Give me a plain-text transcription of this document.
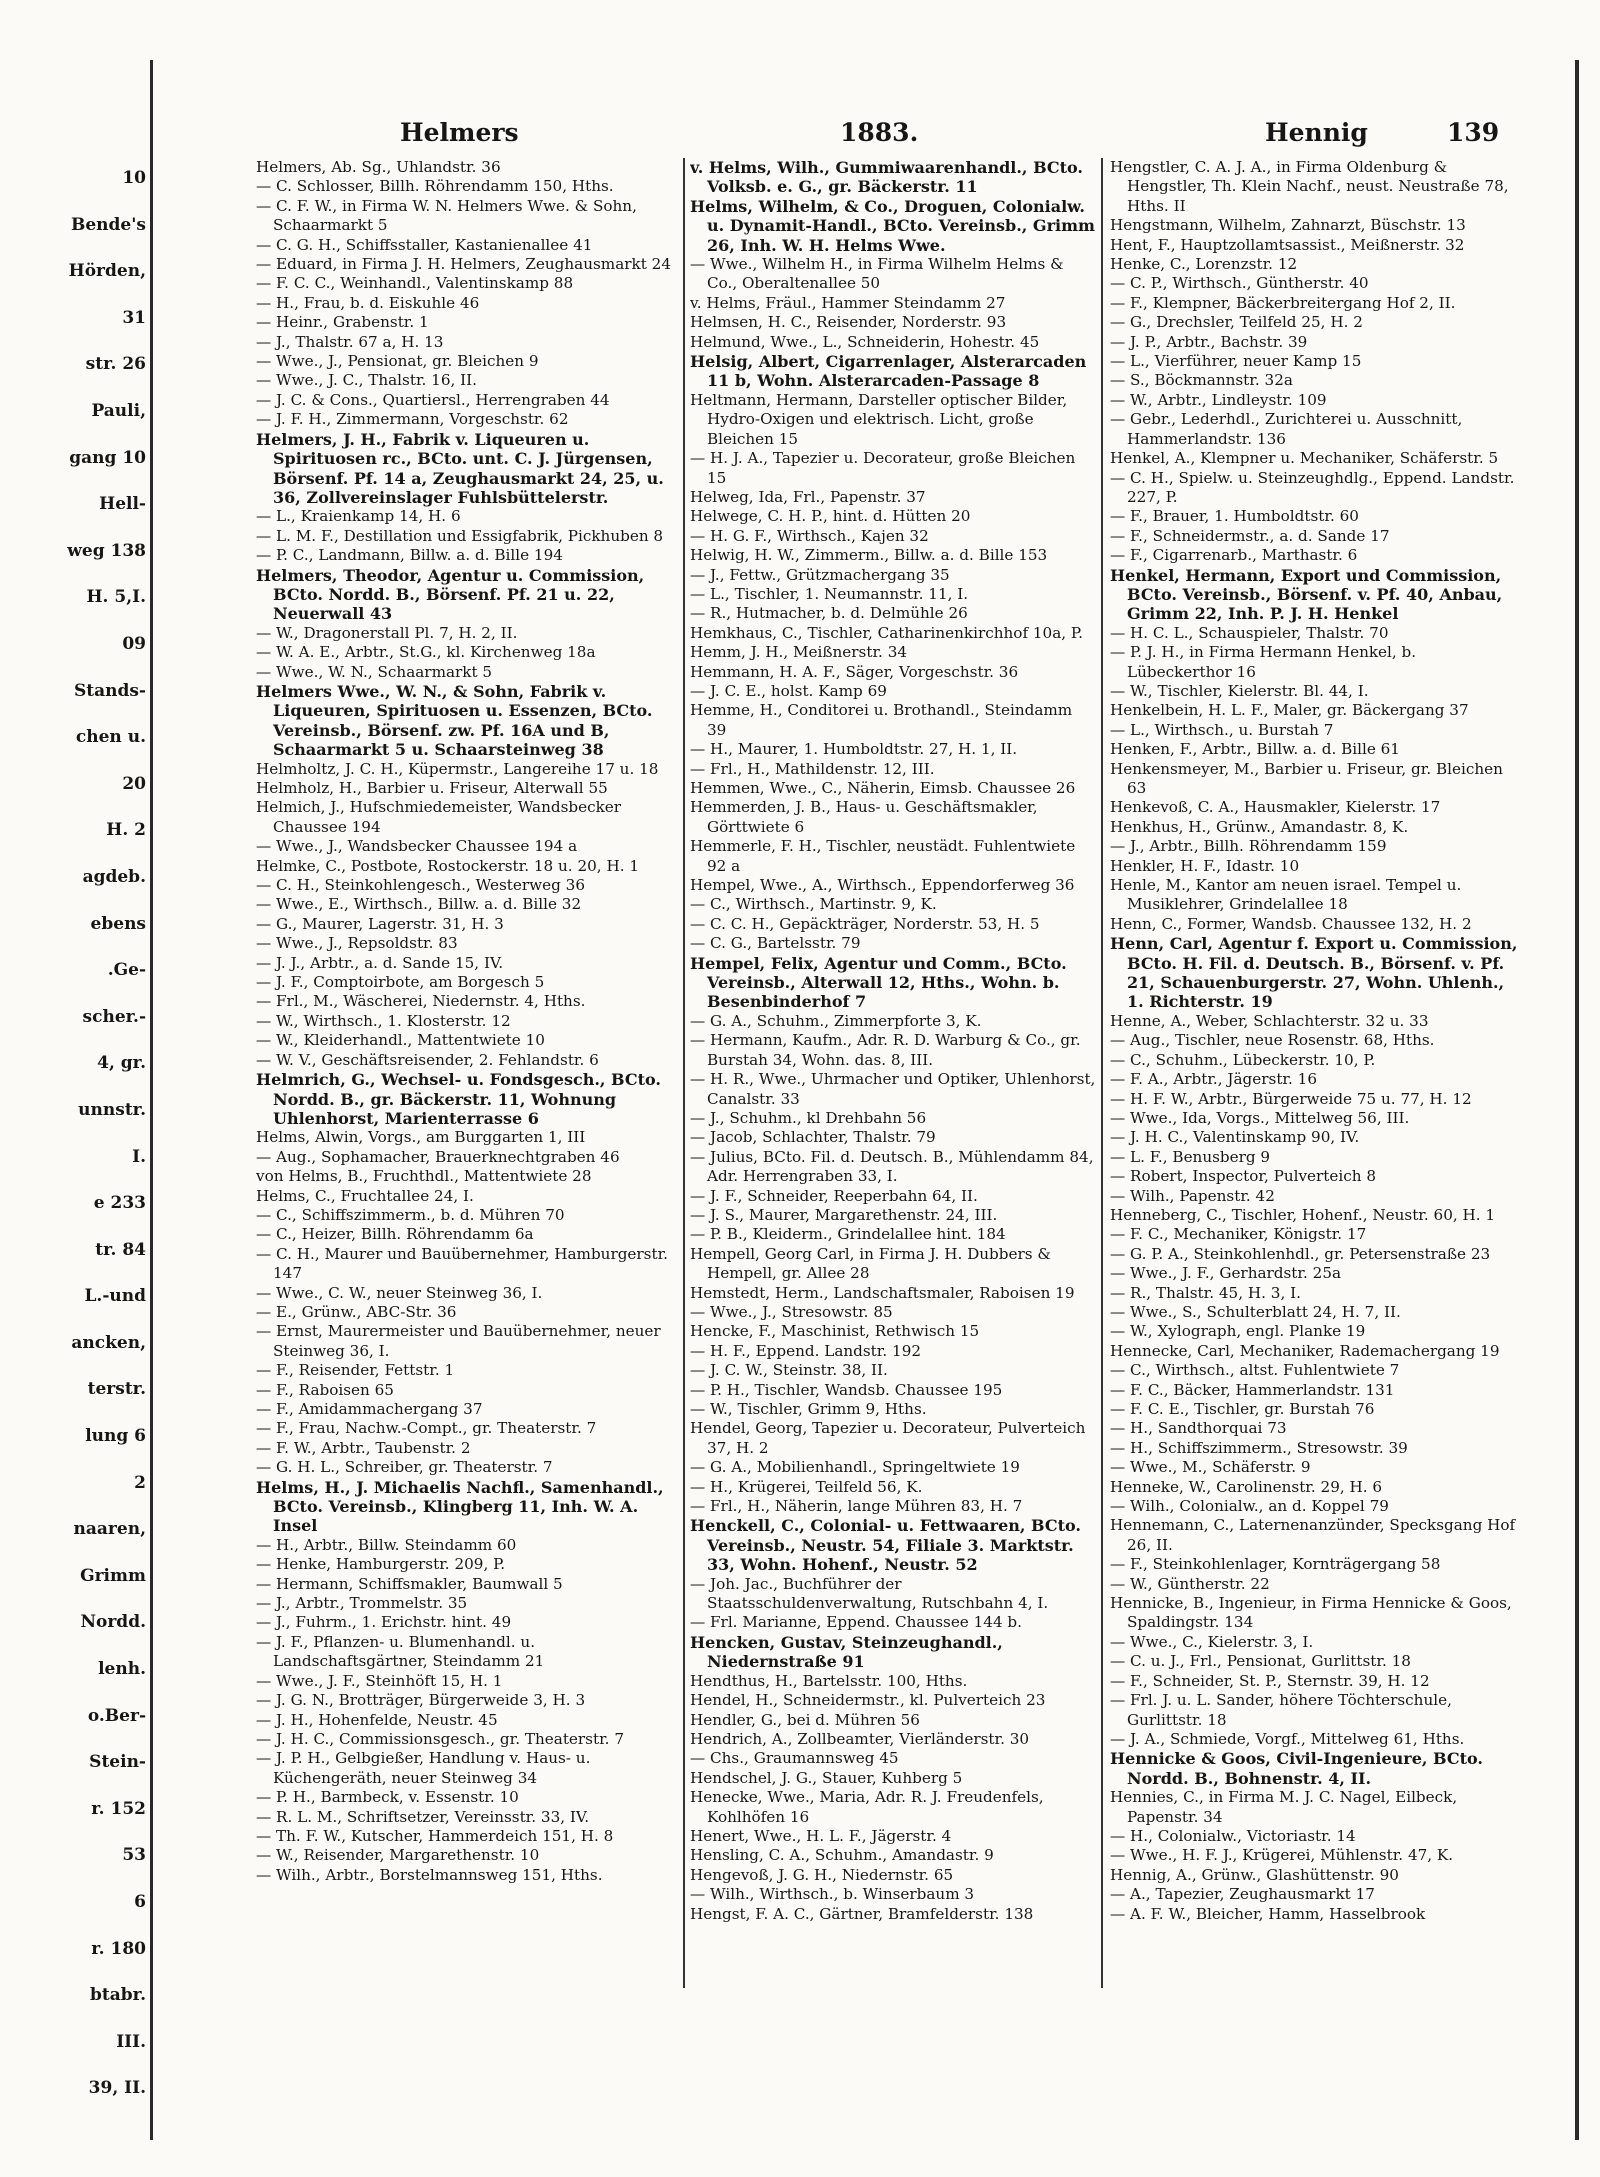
10
Bende's
Hörden,
31
str. 26
Pauli,
gang 10
Hell-
weg 138
H. 5,I.
09
Stands-
chen u.
20
H. 2
agdeb.
ebens
.Ge-
scher.-
4, gr.
unnstr.
I.
e 233
tr. 84
L.-und
ancken,
terstr.
lung 6
2
naaren,
Grimm
Nordd.
lenh.
o.Ber-
Stein-
r. 152
53
6
r. 180
btabr.
III.
39, II.
Helmers	1883.	Hennig	139
Helmers, Ab. Sg., Uhlandstr. 36
— C. Schlosser, Billh. Röhrendamm 150, Hths.
— C. F. W., in Firma W. N. Helmers Wwe. & Sohn, Schaarmarkt 5
— C. G. H., Schiffsstaller, Kastanienallee 41
— Eduard, in Firma J. H. Helmers, Zeughausmarkt 24
— F. C. C., Weinhandl., Valentinskamp 88
— H., Frau, b. d. Eiskuhle 46
— Heinr., Grabenstr. 1
— J., Thalstr. 67 a, H. 13
— Wwe., J., Pensionat, gr. Bleichen 9
— Wwe., J. C., Thalstr. 16, II.
— J. C. & Cons., Quartiersl., Herrengraben 44
— J. F. H., Zimmermann, Vorgeschstr. 62
Helmers, J. H., Fabrik v. Liqueuren u. Spirituosen rc., BCto. unt. C. J. Jürgensen, Börsenf. Pf. 14 a, Zeughausmarkt 24, 25, u. 36, Zollvereinslager Fuhlsbüttelerstr.
— L., Kraienkamp 14, H. 6
— L. M. F., Destillation und Essigfabrik, Pickhuben 8
— P. C., Landmann, Billw. a. d. Bille 194
Helmers, Theodor, Agentur u. Commission, BCto. Nordd. B., Börsenf. Pf. 21 u. 22, Neuerwall 43
— W., Dragonerstall Pl. 7, H. 2, II.
— W. A. E., Arbtr., St.G., kl. Kirchenweg 18a
— Wwe., W. N., Schaarmarkt 5
Helmers Wwe., W. N., & Sohn, Fabrik v. Liqueuren, Spirituosen u. Essenzen, BCto. Vereinsb., Börsenf. zw. Pf. 16A und B, Schaarmarkt 5 u. Schaarsteinweg 38
Helmholtz, J. C. H., Küpermstr., Langereihe 17 u. 18
Helmholz, H., Barbier u. Friseur, Alterwall 55
Helmich, J., Hufschmiedemeister, Wandsbecker Chaussee 194
— Wwe., J., Wandsbecker Chaussee 194 a
Helmke, C., Postbote, Rostockerstr. 18 u. 20, H. 1
— C. H., Steinkohlengesch., Westerweg 36
— Wwe., E., Wirthsch., Billw. a. d. Bille 32
— G., Maurer, Lagerstr. 31, H. 3
— Wwe., J., Repsoldstr. 83
— J. J., Arbtr., a. d. Sande 15, IV.
— J. F., Comptoirbote, am Borgesch 5
— Frl., M., Wäscherei, Niedernstr. 4, Hths.
— W., Wirthsch., 1. Klosterstr. 12
— W., Kleiderhandl., Mattentwiete 10
— W. V., Geschäftsreisender, 2. Fehlandstr. 6
Helmrich, G., Wechsel- u. Fondsgesch., BCto. Nordd. B., gr. Bäckerstr. 11, Wohnung Uhlenhorst, Marienterrasse 6
Helms, Alwin, Vorgs., am Burggarten 1, III
— Aug., Sophamacher, Brauerknechtgraben 46
von Helms, B., Fruchthdl., Mattentwiete 28
Helms, C., Fruchtallee 24, I.
— C., Schiffszimmerm., b. d. Mühren 70
— C., Heizer, Billh. Röhrendamm 6a
— C. H., Maurer und Bauübernehmer, Hamburgerstr. 147
— Wwe., C. W., neuer Steinweg 36, I.
— E., Grünw., ABC-Str. 36
— Ernst, Maurermeister und Bauübernehmer, neuer Steinweg 36, I.
— F., Reisender, Fettstr. 1
— F., Raboisen 65
— F., Amidammachergang 37
— F., Frau, Nachw.-Compt., gr. Theaterstr. 7
— F. W., Arbtr., Taubenstr. 2
— G. H. L., Schreiber, gr. Theaterstr. 7
Helms, H., J. Michaelis Nachfl., Samenhandl., BCto. Vereinsb., Klingberg 11, Inh. W. A. Insel
— H., Arbtr., Billw. Steindamm 60
— Henke, Hamburgerstr. 209, P.
— Hermann, Schiffsmakler, Baumwall 5
— J., Arbtr., Trommelstr. 35
— J., Fuhrm., 1. Erichstr. hint. 49
— J. F., Pflanzen- u. Blumenhandl. u. Landschaftsgärtner, Steindamm 21
— Wwe., J. F., Steinhöft 15, H. 1
— J. G. N., Brotträger, Bürgerweide 3, H. 3
— J. H., Hohenfelde, Neustr. 45
— J. H. C., Commissionsgesch., gr. Theaterstr. 7
— J. P. H., Gelbgießer, Handlung v. Haus- u. Küchengeräth, neuer Steinweg 34
— P. H., Barmbeck, v. Essenstr. 10
— R. L. M., Schriftsetzer, Vereinsstr. 33, IV.
— Th. F. W., Kutscher, Hammerdeich 151, H. 8
— W., Reisender, Margarethenstr. 10
— Wilh., Arbtr., Borstelmannsweg 151, Hths.
v. Helms, Wilh., Gummiwaarenhandl., BCto. Volksb. e. G., gr. Bäckerstr. 11
Helms, Wilhelm, & Co., Droguen, Colonialw. u. Dynamit-Handl., BCto. Vereinsb., Grimm 26, Inh. W. H. Helms Wwe.
— Wwe., Wilhelm H., in Firma Wilhelm Helms & Co., Oberaltenallee 50
v. Helms, Fräul., Hammer Steindamm 27
Helmsen, H. C., Reisender, Norderstr. 93
Helmund, Wwe., L., Schneiderin, Hohestr. 45
Helsig, Albert, Cigarrenlager, Alsterarcaden 11 b, Wohn. Alsterarcaden-Passage 8
Heltmann, Hermann, Darsteller optischer Bilder, Hydro-Oxigen und elektrisch. Licht, große Bleichen 15
— H. J. A., Tapezier u. Decorateur, große Bleichen 15
Helweg, Ida, Frl., Papenstr. 37
Helwege, C. H. P., hint. d. Hütten 20
— H. G. F., Wirthsch., Kajen 32
Helwig, H. W., Zimmerm., Billw. a. d. Bille 153
— J., Fettw., Grützmachergang 35
— L., Tischler, 1. Neumannstr. 11, I.
— R., Hutmacher, b. d. Delmühle 26
Hemkhaus, C., Tischler, Catharinenkirchhof 10a, P.
Hemm, J. H., Meißnerstr. 34
Hemmann, H. A. F., Säger, Vorgeschstr. 36
— J. C. E., holst. Kamp 69
Hemme, H., Conditorei u. Brothandl., Steindamm 39
— H., Maurer, 1. Humboldtstr. 27, H. 1, II.
— Frl., H., Mathildenstr. 12, III.
Hemmen, Wwe., C., Näherin, Eimsb. Chaussee 26
Hemmerden, J. B., Haus- u. Geschäftsmakler, Görttwiete 6
Hemmerle, F. H., Tischler, neustädt. Fuhlentwiete 92 a
Hempel, Wwe., A., Wirthsch., Eppendorferweg 36
— C., Wirthsch., Martinstr. 9, K.
— C. C. H., Gepäckträger, Norderstr. 53, H. 5
— C. G., Bartelsstr. 79
Hempel, Felix, Agentur und Comm., BCto. Vereinsb., Alterwall 12, Hths., Wohn. b. Besenbinderhof 7
— G. A., Schuhm., Zimmerpforte 3, K.
— Hermann, Kaufm., Adr. R. D. Warburg & Co., gr. Burstah 34, Wohn. das. 8, III.
— H. R., Wwe., Uhrmacher und Optiker, Uhlenhorst, Canalstr. 33
— J., Schuhm., kl Drehbahn 56
— Jacob, Schlachter, Thalstr. 79
— Julius, BCto. Fil. d. Deutsch. B., Mühlendamm 84, Adr. Herrengraben 33, I.
— J. F., Schneider, Reeperbahn 64, II.
— J. S., Maurer, Margarethenstr. 24, III.
— P. B., Kleiderm., Grindelallee hint. 184
Hempell, Georg Carl, in Firma J. H. Dubbers & Hempell, gr. Allee 28
Hemstedt, Herm., Landschaftsmaler, Raboisen 19
— Wwe., J., Stresowstr. 85
Hencke, F., Maschinist, Rethwisch 15
— H. F., Eppend. Landstr. 192
— J. C. W., Steinstr. 38, II.
— P. H., Tischler, Wandsb. Chaussee 195
— W., Tischler, Grimm 9, Hths.
Hendel, Georg, Tapezier u. Decorateur, Pulverteich 37, H. 2
— G. A., Mobilienhandl., Springeltwiete 19
— H., Krügerei, Teilfeld 56, K.
— Frl., H., Näherin, lange Mühren 83, H. 7
Henckell, C., Colonial- u. Fettwaaren, BCto. Vereinsb., Neustr. 54, Filiale 3. Marktstr. 33, Wohn. Hohenf., Neustr. 52
— Joh. Jac., Buchführer der Staatsschuldenverwaltung, Rutschbahn 4, I.
— Frl. Marianne, Eppend. Chaussee 144 b.
Hencken, Gustav, Steinzeughandl., Niedernstraße 91
Hendthus, H., Bartelsstr. 100, Hths.
Hendel, H., Schneidermstr., kl. Pulverteich 23
Hendler, G., bei d. Mühren 56
Hendrich, A., Zollbeamter, Vierländerstr. 30
— Chs., Graumannsweg 45
Hendschel, J. G., Stauer, Kuhberg 5
Henecke, Wwe., Maria, Adr. R. J. Freudenfels, Kohlhöfen 16
Henert, Wwe., H. L. F., Jägerstr. 4
Hensling, C. A., Schuhm., Amandastr. 9
Hengevoß, J. G. H., Niedernstr. 65
— Wilh., Wirthsch., b. Winserbaum 3
Hengst, F. A. C., Gärtner, Bramfelderstr. 138
Hengstler, C. A. J. A., in Firma Oldenburg & Hengstler, Th. Klein Nachf., neust. Neustraße 78, Hths. II
Hengstmann, Wilhelm, Zahnarzt, Büschstr. 13
Hent, F., Hauptzollamtsassist., Meißnerstr. 32
Henke, C., Lorenzstr. 12
— C. P., Wirthsch., Güntherstr. 40
— F., Klempner, Bäckerbreitergang Hof 2, II.
— G., Drechsler, Teilfeld 25, H. 2
— J. P., Arbtr., Bachstr. 39
— L., Vierführer, neuer Kamp 15
— S., Böckmannstr. 32a
— W., Arbtr., Lindleystr. 109
— Gebr., Lederhdl., Zurichterei u. Ausschnitt, Hammerlandstr. 136
Henkel, A., Klempner u. Mechaniker, Schäferstr. 5
— C. H., Spielw. u. Steinzeughdlg., Eppend. Landstr. 227, P.
— F., Brauer, 1. Humboldtstr. 60
— F., Schneidermstr., a. d. Sande 17
— F., Cigarrenarb., Marthastr. 6
Henkel, Hermann, Export und Commission, BCto. Vereinsb., Börsenf. v. Pf. 40, Anbau, Grimm 22, Inh. P. J. H. Henkel
— H. C. L., Schauspieler, Thalstr. 70
— P. J. H., in Firma Hermann Henkel, b. Lübeckerthor 16
— W., Tischler, Kielerstr. Bl. 44, I.
Henkelbein, H. L. F., Maler, gr. Bäckergang 37
— L., Wirthsch., u. Burstah 7
Henken, F., Arbtr., Billw. a. d. Bille 61
Henkensmeyer, M., Barbier u. Friseur, gr. Bleichen 63
Henkevoß, C. A., Hausmakler, Kielerstr. 17
Henkhus, H., Grünw., Amandastr. 8, K.
— J., Arbtr., Billh. Röhrendamm 159
Henkler, H. F., Idastr. 10
Henle, M., Kantor am neuen israel. Tempel u. Musiklehrer, Grindelallee 18
Henn, C., Former, Wandsb. Chaussee 132, H. 2
Henn, Carl, Agentur f. Export u. Commission, BCto. H. Fil. d. Deutsch. B., Börsenf. v. Pf. 21, Schauenburgerstr. 27, Wohn. Uhlenh., 1. Richterstr. 19
Henne, A., Weber, Schlachterstr. 32 u. 33
— Aug., Tischler, neue Rosenstr. 68, Hths.
— C., Schuhm., Lübeckerstr. 10, P.
— F. A., Arbtr., Jägerstr. 16
— H. F. W., Arbtr., Bürgerweide 75 u. 77, H. 12
— Wwe., Ida, Vorgs., Mittelweg 56, III.
— J. H. C., Valentinskamp 90, IV.
— L. F., Benusberg 9
— Robert, Inspector, Pulverteich 8
— Wilh., Papenstr. 42
Henneberg, C., Tischler, Hohenf., Neustr. 60, H. 1
— F. C., Mechaniker, Königstr. 17
— G. P. A., Steinkohlenhdl., gr. Petersenstraße 23
— Wwe., J. F., Gerhardstr. 25a
— R., Thalstr. 45, H. 3, I.
— Wwe., S., Schulterblatt 24, H. 7, II.
— W., Xylograph, engl. Planke 19
Hennecke, Carl, Mechaniker, Rademachergang 19
— C., Wirthsch., altst. Fuhlentwiete 7
— F. C., Bäcker, Hammerlandstr. 131
— F. C. E., Tischler, gr. Burstah 76
— H., Sandthorquai 73
— H., Schiffszimmerm., Stresowstr. 39
— Wwe., M., Schäferstr. 9
Henneke, W., Carolinenstr. 29, H. 6
— Wilh., Colonialw., an d. Koppel 79
Hennemann, C., Laternenanzünder, Specksgang Hof 26, II.
— F., Steinkohlenlager, Kornträgergang 58
— W., Güntherstr. 22
Hennicke, B., Ingenieur, in Firma Hennicke & Goos, Spaldingstr. 134
— Wwe., C., Kielerstr. 3, I.
— C. u. J., Frl., Pensionat, Gurlittstr. 18
— F., Schneider, St. P., Sternstr. 39, H. 12
— Frl. J. u. L. Sander, höhere Töchterschule, Gurlittstr. 18
— J. A., Schmiede, Vorgf., Mittelweg 61, Hths.
Hennicke & Goos, Civil-Ingenieure, BCto. Nordd. B., Bohnenstr. 4, II.
Hennies, C., in Firma M. J. C. Nagel, Eilbeck, Papenstr. 34
— H., Colonialw., Victoriastr. 14
— Wwe., H. F. J., Krügerei, Mühlenstr. 47, K.
Hennig, A., Grünw., Glashüttenstr. 90
— A., Tapezier, Zeughausmarkt 17
— A. F. W., Bleicher, Hamm, Hasselbrook
